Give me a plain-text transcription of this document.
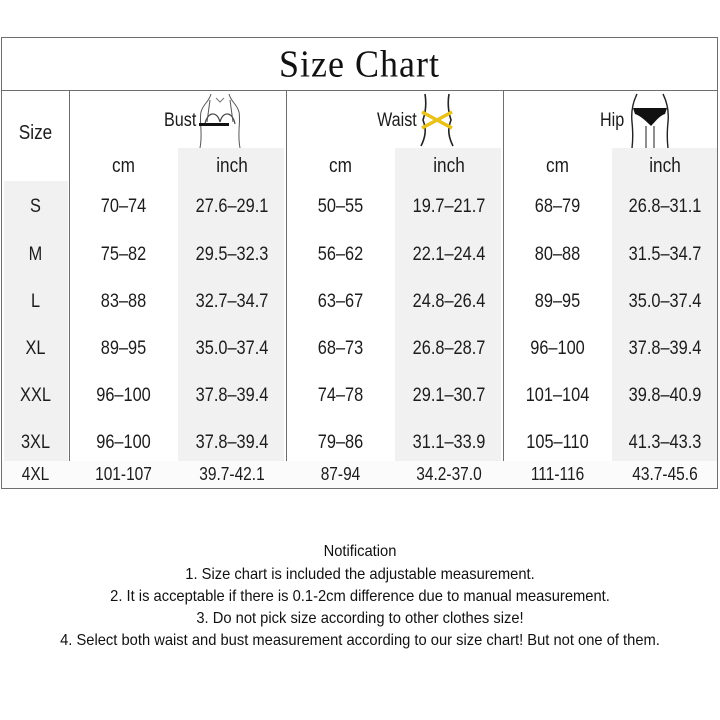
Size Chart
Size
Bust	Waist	Hip
cm	inch	cm	inch	cm	inch
S	70–74	27.6–29.1	50–55	19.7–21.7	68–79	26.8–31.1
M	75–82	29.5–32.3	56–62	22.1–24.4	80–88	31.5–34.7
L	83–88	32.7–34.7	63–67	24.8–26.4	89–95	35.0–37.4
XL	89–95	35.0–37.4	68–73	26.8–28.7	96–100	37.8–39.4
XXL	96–100	37.8–39.4	74–78	29.1–30.7	101–104	39.8–40.9
3XL	96–100	37.8–39.4	79–86	31.1–33.9	105–110	41.3–43.3
4XL	101-107	39.7-42.1	87-94	34.2-37.0	111-116	43.7-45.6
Notification
1. Size chart is included the adjustable measurement.
2. It is acceptable if there is 0.1-2cm difference due to manual measurement.
3. Do not pick size according to other clothes size!
4. Select both waist and bust measurement according to our size chart! But not one of them.
